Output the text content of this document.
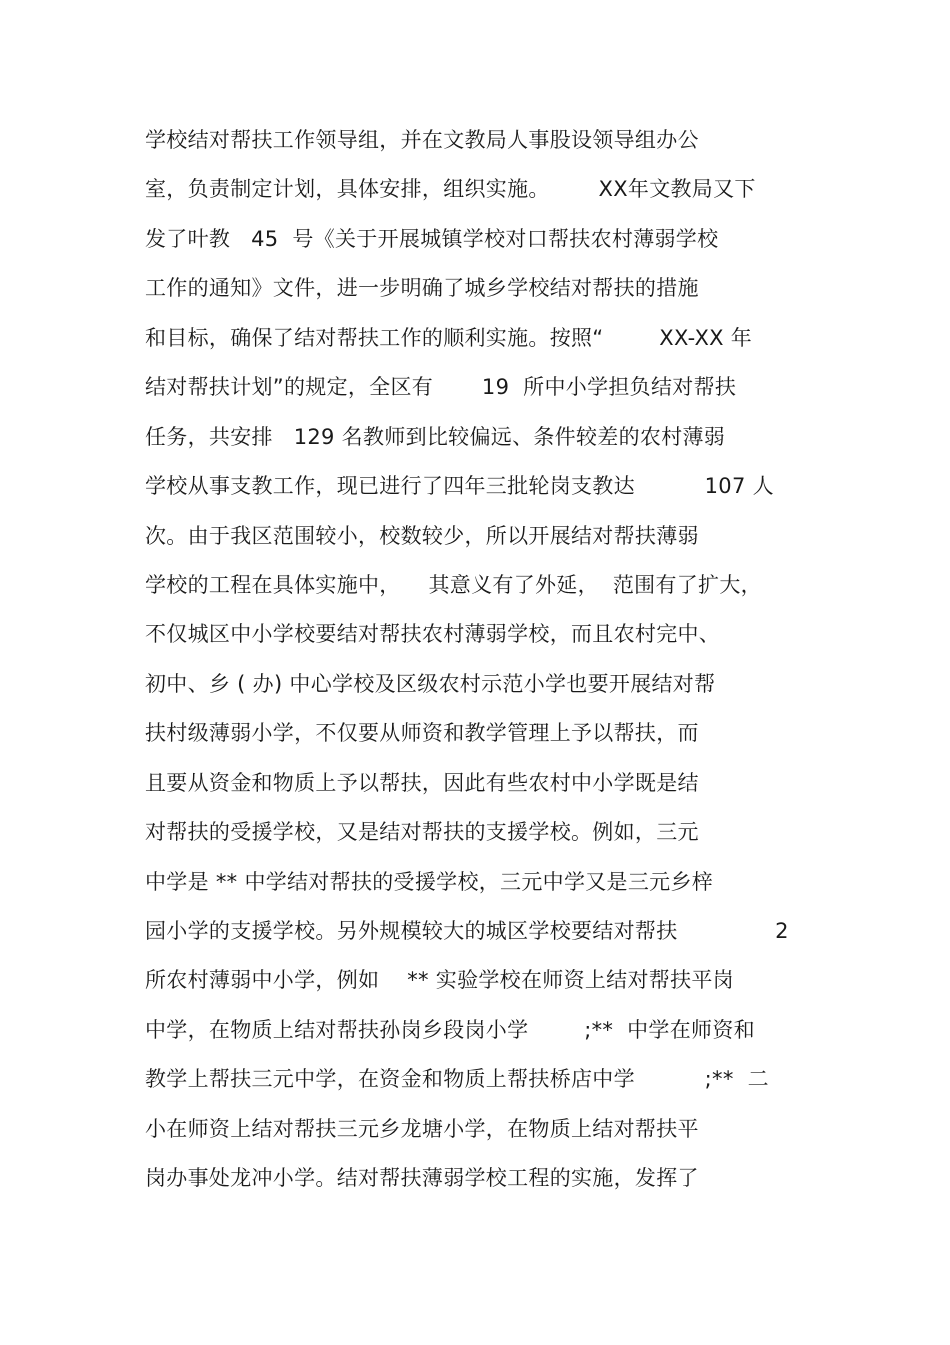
学校结对帮扶工作领导组，并在文教局人事股设领导组办公
室，负责制定计划，具体安排，组织实施。       XX年文教局又下
发了叶教   45  号《关于开展城镇学校对口帮扶农村薄弱学校
工作的通知》文件，进一步明确了城乡学校结对帮扶的措施
和目标，确保了结对帮扶工作的顺利实施。按照“        XX-XX 年
结对帮扶计划”的规定，全区有       19  所中小学担负结对帮扶
任务，共安排   129 名教师到比较偏远、条件较差的农村薄弱
学校从事支教工作，现已进行了四年三批轮岗支教达          107 人
次。由于我区范围较小，校数较少，所以开展结对帮扶薄弱
学校的工程在具体实施中，    其意义有了外延，  范围有了扩大，
不仅城区中小学校要结对帮扶农村薄弱学校，而且农村完中、
初中、乡 ( 办) 中心学校及区级农村示范小学也要开展结对帮
扶村级薄弱小学，不仅要从师资和教学管理上予以帮扶，而
且要从资金和物质上予以帮扶，因此有些农村中小学既是结
对帮扶的受援学校，又是结对帮扶的支援学校。例如，三元
中学是 ** 中学结对帮扶的受援学校，三元中学又是三元乡梓
园小学的支援学校。另外规模较大的城区学校要结对帮扶              2
所农村薄弱中小学，例如    ** 实验学校在师资上结对帮扶平岗
中学，在物质上结对帮扶孙岗乡段岗小学        ;**  中学在师资和
教学上帮扶三元中学，在资金和物质上帮扶桥店中学          ;**  二
小在师资上结对帮扶三元乡龙塘小学，在物质上结对帮扶平
岗办事处龙冲小学。结对帮扶薄弱学校工程的实施，发挥了
